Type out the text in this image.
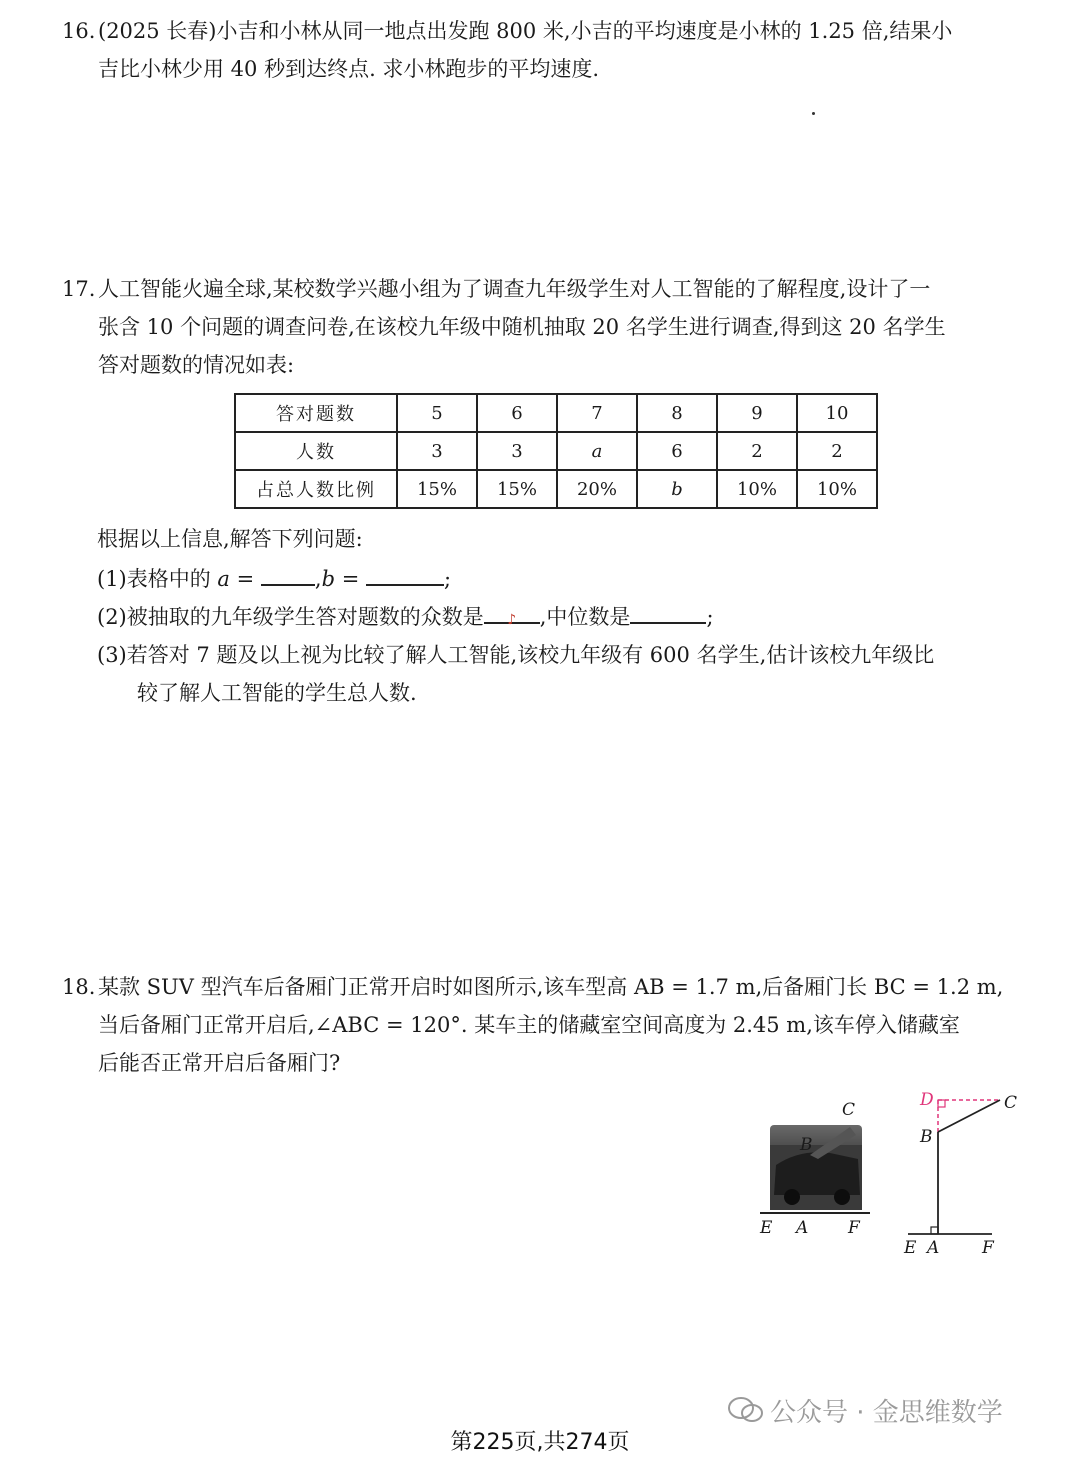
16. (2025 长春)小吉和小林从同一地点出发跑 800 米,小吉的平均速度是小林的 1.25 倍,结果小

吉比小林少用 40 秒到达终点. 求小林跑步的平均速度.

17. 人工智能火遍全球,某校数学兴趣小组为了调查九年级学生对人工智能的了解程度,设计了一

张含 10 个问题的调查问卷,在该校九年级中随机抽取 20 名学生进行调查,得到这 20 名学生

答对题数的情况如表:

答对题数	5	6	7	8	9	10
人数	3	3	a	6	2	2
占总人数比例	15%	15%	20%	b	10%	10%
根据以上信息,解答下列问题:
(1)表格中的 a =	,b =	;
(2)被抽取的九年级学生答对题数的众数是 ♪ ,中位数是	;

(3)若答对 7 题及以上视为比较了解人工智能,该校九年级有 600 名学生,估计该校九年级比

较了解人工智能的学生总人数.

18. 某款 SUV 型汽车后备厢门正常开启时如图所示,该车型高 AB = 1.7 m,后备厢门长 BC = 1.2 m,

当后备厢门正常开启后,∠ABC = 120°. 某车主的储藏室空间高度为 2.45 m,该车停入储藏室

后能否正常开启后备厢门?

C
B
E A F
D	C
B
E A	F
公众号 · 金思维数学
第225页,共274页
